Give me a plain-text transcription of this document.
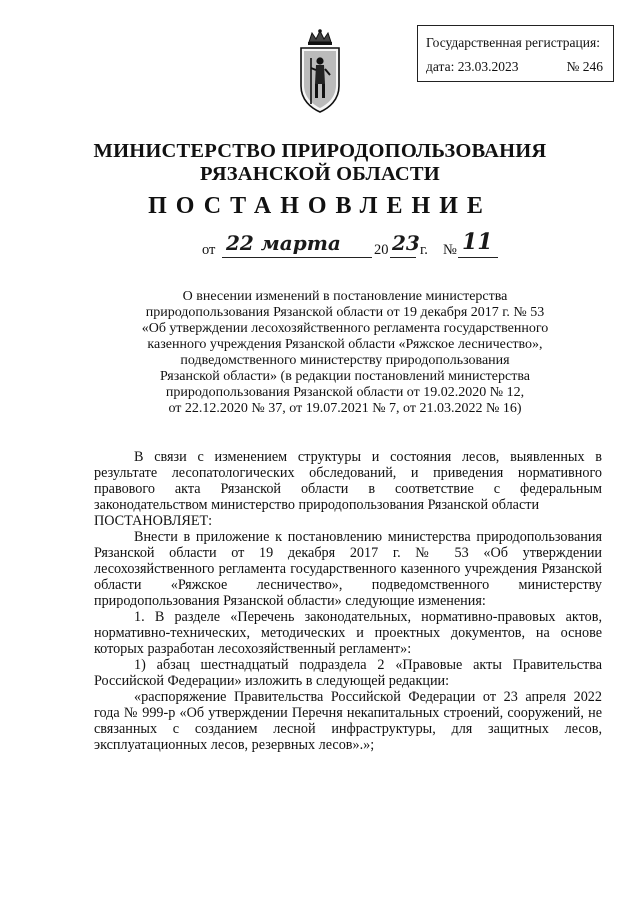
Государственная регистрация:
дата: 23.03.2023	№ 246
МИНИСТЕРСТВО ПРИРОДОПОЛЬЗОВАНИЯ
РЯЗАНСКОЙ ОБЛАСТИ
ПОСТАНОВЛЕНИЕ
от 22 марта 20 23 г. № 11
О внесении изменений в постановление министерства
природопользования Рязанской области от 19 декабря 2017 г. № 53
«Об утверждении лесохозяйственного регламента государственного
казенного учреждения Рязанской области «Ряжское лесничество»,
подведомственного министерству природопользования
Рязанской области» (в редакции постановлений министерства
природопользования Рязанской области от 19.02.2020 № 12,
от 22.12.2020 № 37, от 19.07.2021 № 7, от 21.03.2022 № 16)

В связи с изменением структуры и состояния лесов, выявленных в результате лесопатологических обследований, и приведения нормативного правового акта Рязанской области в соответствие с федеральным законодательством министерство природопользования Рязанской области

ПОСТАНОВЛЯЕТ:

Внести в приложение к постановлению министерства природопользования Рязанской области от 19 декабря 2017 г. № 53 «Об утверждении лесохозяйственного регламента государственного казенного учреждения Рязанской области «Ряжское лесничество», подведомственного министерству природопользования Рязанской области» следующие изменения:

1. В разделе «Перечень законодательных, нормативно-правовых актов, нормативно-технических, методических и проектных документов, на основе которых разработан лесохозяйственный регламент»:

1) абзац шестнадцатый подраздела 2 «Правовые акты Правительства Российской Федерации» изложить в следующей редакции:

«распоряжение Правительства Российской Федерации от 23 апреля 2022 года № 999-р «Об утверждении Перечня некапитальных строений, сооружений, не связанных с созданием лесной инфраструктуры, для защитных лесов, эксплуатационных лесов, резервных лесов».»;
